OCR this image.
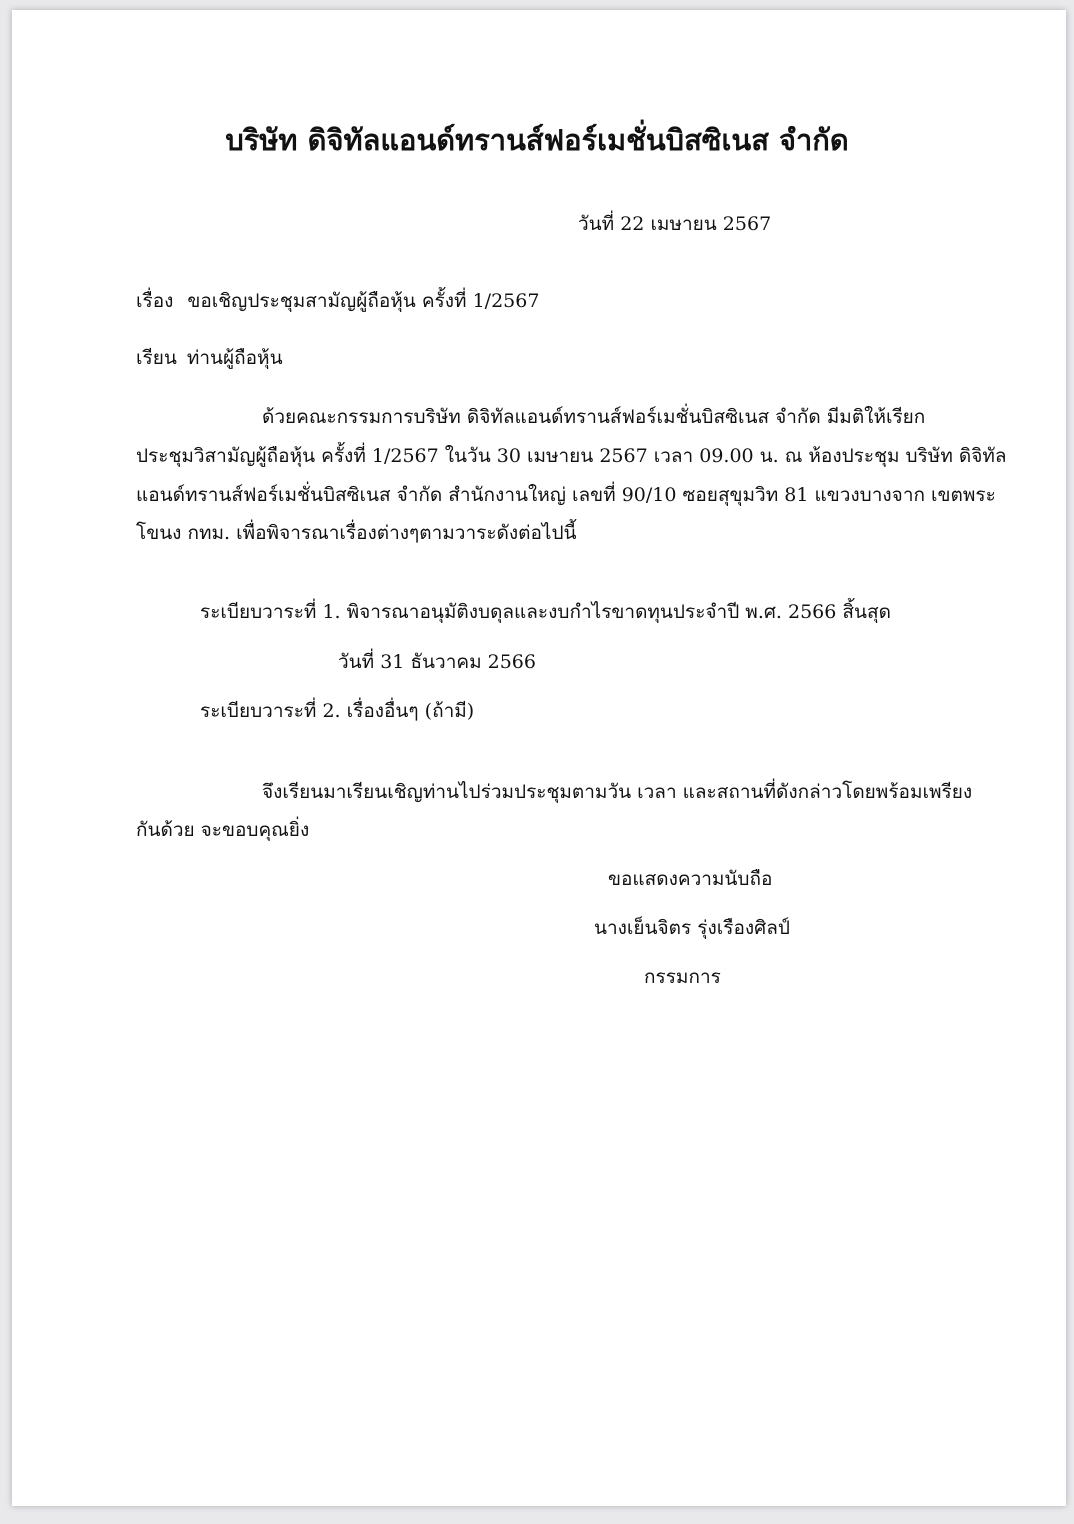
บริษัท ดิจิทัลแอนด์ทรานส์ฟอร์เมชั่นบิสซิเนส จำกัด
วันที่ 22 เมษายน 2567
เรื่อง ขอเชิญประชุมสามัญผู้ถือหุ้น ครั้งที่ 1/2567
เรียน ท่านผู้ถือหุ้น
ด้วยคณะกรรมการบริษัท ดิจิทัลแอนด์ทรานส์ฟอร์เมชั่นบิสซิเนส จำกัด มีมติให้เรียก
ประชุมวิสามัญผู้ถือหุ้น ครั้งที่ 1/2567 ในวัน 30 เมษายน 2567 เวลา 09.00 น. ณ ห้องประชุม บริษัท ดิจิทัล
แอนด์ทรานส์ฟอร์เมชั่นบิสซิเนส จำกัด สำนักงานใหญ่ เลขที่ 90/10 ซอยสุขุมวิท 81 แขวงบางจาก เขตพระ
โขนง กทม. เพื่อพิจารณาเรื่องต่างๆตามวาระดังต่อไปนี้
ระเบียบวาระที่ 1. พิจารณาอนุมัติงบดุลและงบกำไรขาดทุนประจำปี พ.ศ. 2566 สิ้นสุด
วันที่ 31 ธันวาคม 2566
ระเบียบวาระที่ 2. เรื่องอื่นๆ (ถ้ามี)
จึงเรียนมาเรียนเชิญท่านไปร่วมประชุมตามวัน เวลา และสถานที่ดังกล่าวโดยพร้อมเพรียง
กันด้วย จะขอบคุณยิ่ง
ขอแสดงความนับถือ
นางเย็นจิตร รุ่งเรืองศิลป์
กรรมการ
